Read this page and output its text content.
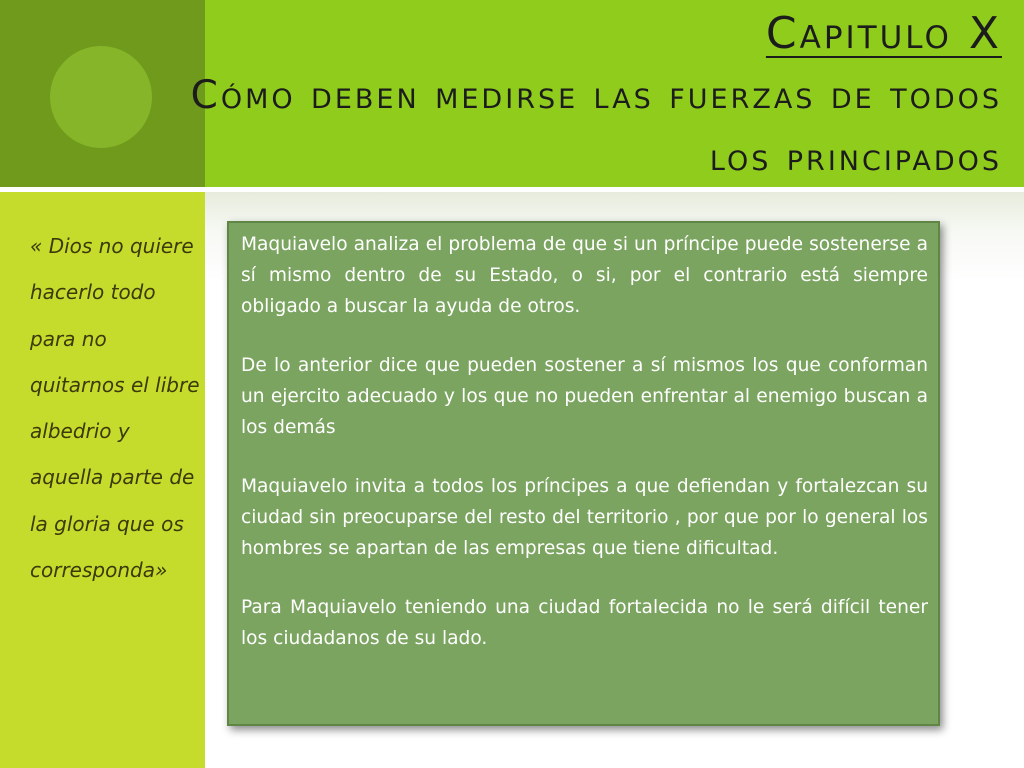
Capitulo X
Cómo deben medirse las fuerzas de todos
los principados

« Dios no quiere hacerlo todo para no quitarnos el libre albedrio y aquella parte de la gloria que os corresponda»

Maquiavelo analiza el problema de que si un príncipe puede sostenerse a sí mismo dentro de su Estado, o si, por el contrario está siempre obligado a buscar la ayuda de otros.

De lo anterior dice que pueden sostener a sí mismos los que conforman un ejercito adecuado y los que no pueden enfrentar al enemigo buscan a los demás

Maquiavelo invita a todos los príncipes a que defiendan y fortalezcan su ciudad sin preocuparse del resto del territorio , por que por lo general los hombres se apartan de las empresas que tiene dificultad.

Para Maquiavelo teniendo una ciudad fortalecida no le será difícil tener los ciudadanos de su lado.
